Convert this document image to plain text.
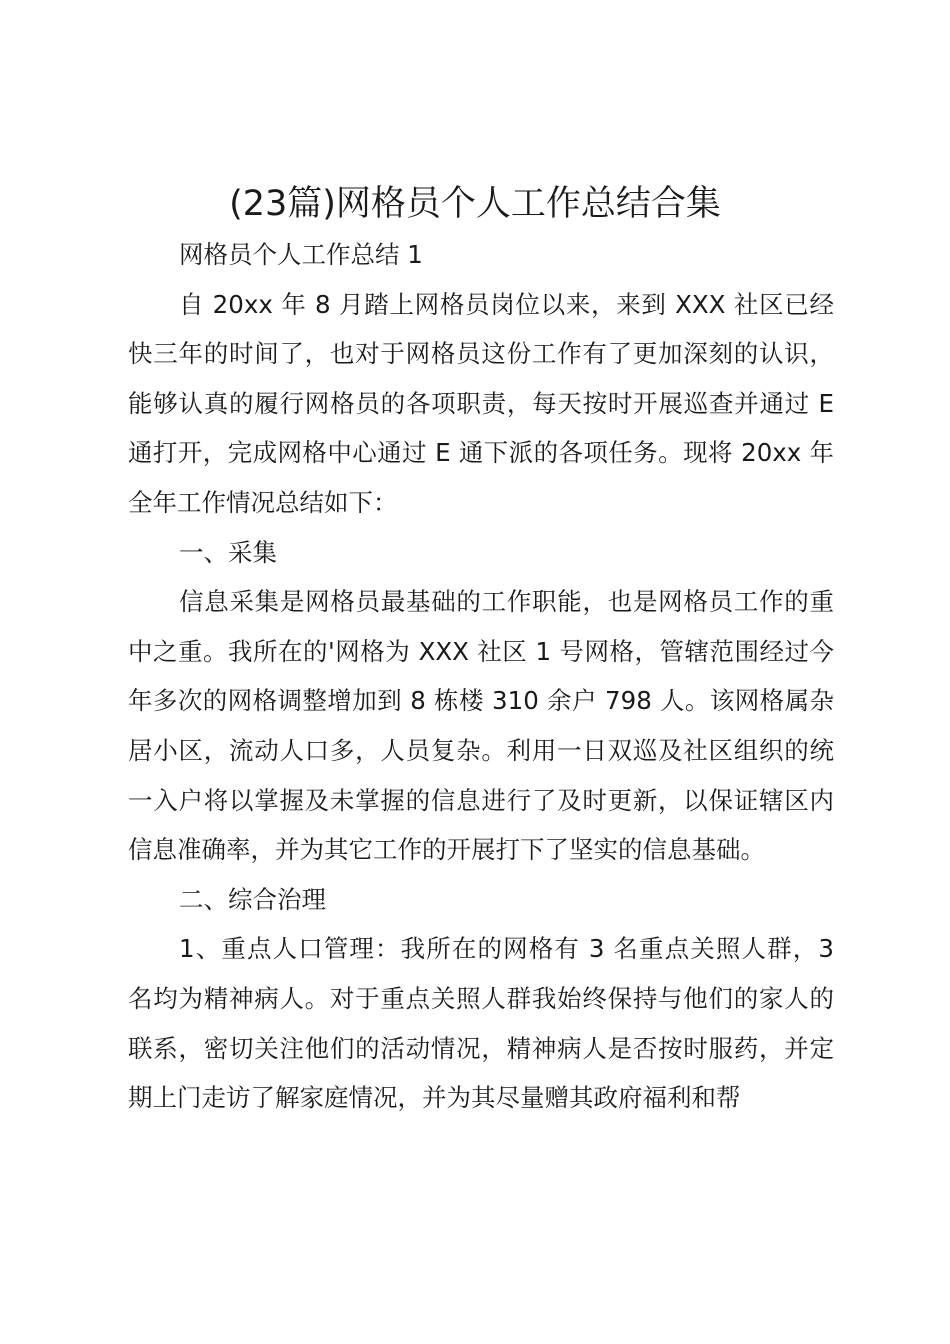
(23篇)网格员个人工作总结合集

网格员个人工作总结 1

自 20xx 年 8 月踏上网格员岗位以来，来到 XXX 社区已经快三年的时间了，也对于网格员这份工作有了更加深刻的认识，能够认真的履行网格员的各项职责，每天按时开展巡查并通过 E 通打开，完成网格中心通过 E 通下派的各项任务。现将 20xx 年全年工作情况总结如下：

一、采集

信息采集是网格员最基础的工作职能，也是网格员工作的重中之重。我所在的'网格为 XXX 社区 1 号网格，管辖范围经过今年多次的网格调整增加到 8 栋楼 310 余户 798 人。该网格属杂居小区，流动人口多，人员复杂。利用一日双巡及社区组织的统一入户将以掌握及未掌握的信息进行了及时更新，以保证辖区内信息准确率，并为其它工作的开展打下了坚实的信息基础。

二、综合治理

1、重点人口管理：我所在的网格有 3 名重点关照人群，3 名均为精神病人。对于重点关照人群我始终保持与他们的家人的联系，密切关注他们的活动情况，精神病人是否按时服药，并定期上门走访了解家庭情况，并为其尽量赠其政府福利和帮
